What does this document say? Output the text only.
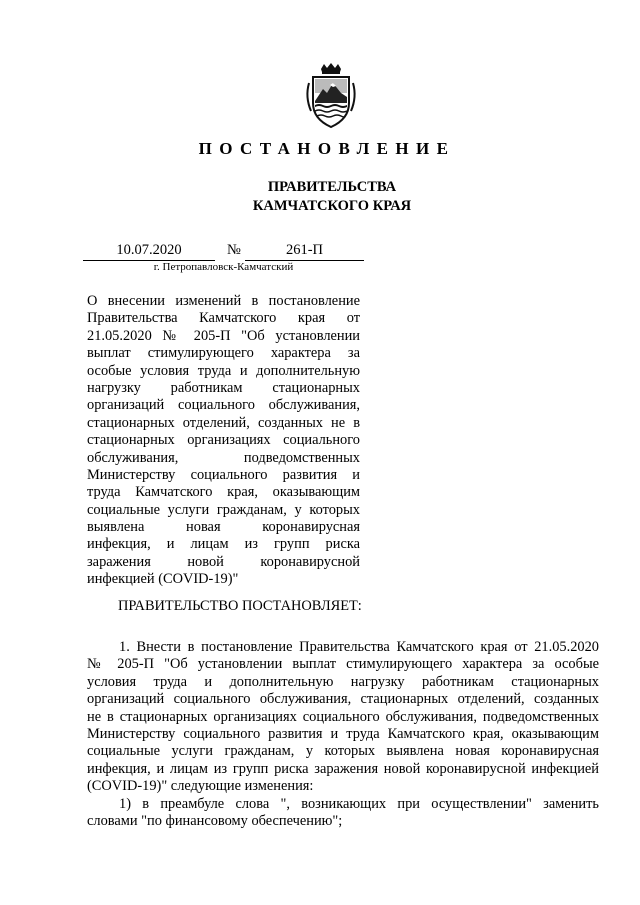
ПОСТАНОВЛЕНИЕ
ПРАВИТЕЛЬСТВА
КАМЧАТСКОГО КРАЯ
10.07.2020	№	261-П
г. Петропавловск-Камчатский
О внесении изменений в постановление
Правительства Камчатского края от
21.05.2020 № 205-П "Об установлении
выплат стимулирующего характера за
особые условия труда и дополнительную
нагрузку работникам стационарных
организаций социального обслуживания,
стационарных отделений, созданных не в
стационарных организациях социального
обслуживания, подведомственных
Министерству социального развития и
труда Камчатского края, оказывающим
социальные услуги гражданам, у которых
выявлена новая коронавирусная
инфекция, и лицам из групп риска
заражения новой коронавирусной
инфекцией (COVID-19)"
ПРАВИТЕЛЬСТВО ПОСТАНОВЛЯЕТ:
1. Внести в постановление Правительства Камчатского края от 21.05.2020
№ 205-П "Об установлении выплат стимулирующего характера за особые
условия труда и дополнительную нагрузку работникам стационарных
организаций социального обслуживания, стационарных отделений, созданных
не в стационарных организациях социального обслуживания, подведомственных
Министерству социального развития и труда Камчатского края, оказывающим
социальные услуги гражданам, у которых выявлена новая коронавирусная
инфекция, и лицам из групп риска заражения новой коронавирусной инфекцией
(COVID-19)" следующие изменения:
1) в преамбуле слова ", возникающих при осуществлении" заменить
словами "по финансовому обеспечению";
